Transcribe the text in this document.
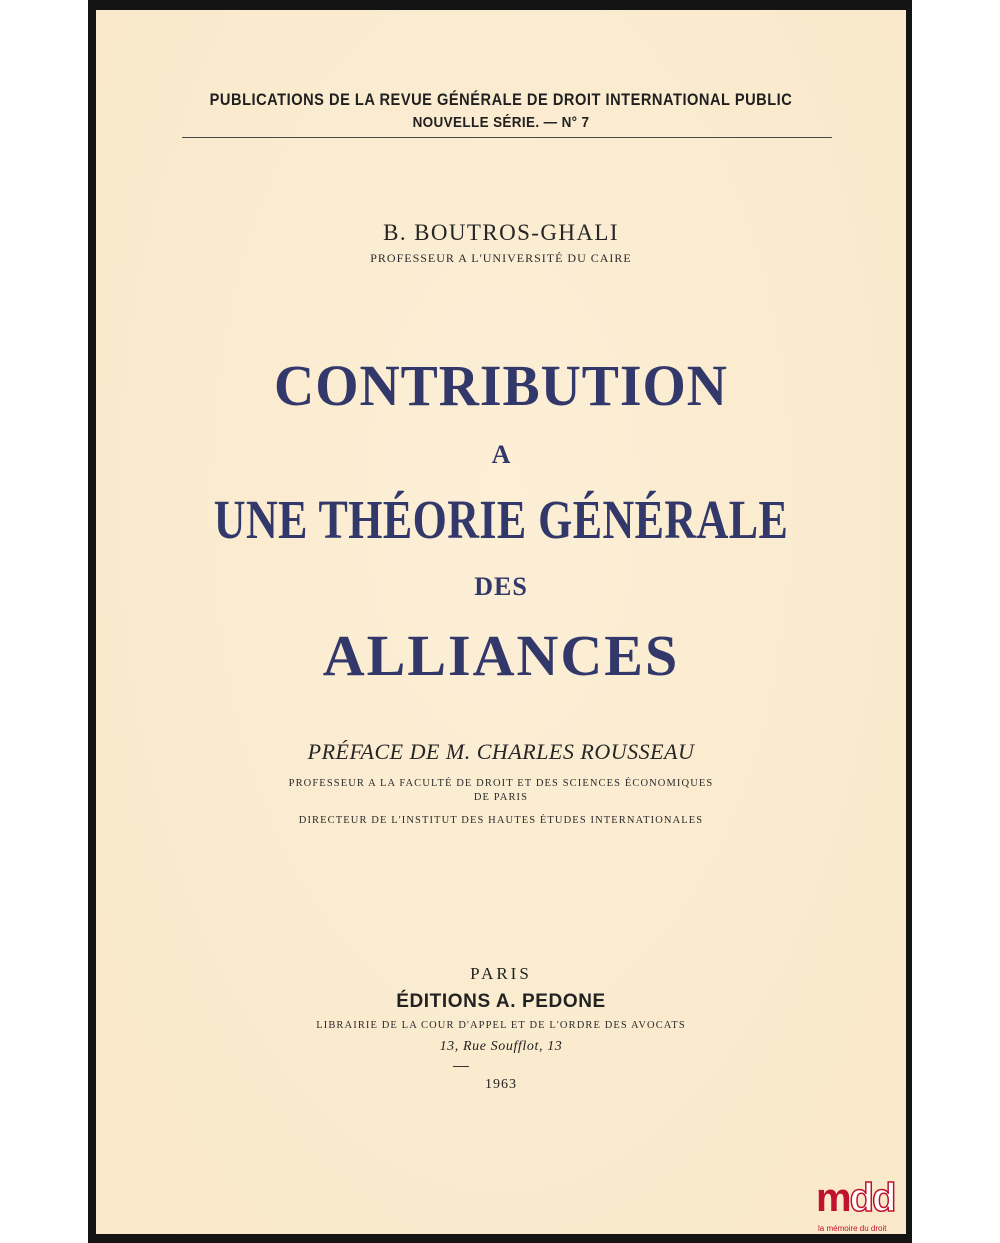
PUBLICATIONS DE LA REVUE GÉNÉRALE DE DROIT INTERNATIONAL PUBLIC
NOUVELLE SÉRIE. — N° 7
B. BOUTROS-GHALI
PROFESSEUR A L'UNIVERSITÉ DU CAIRE
CONTRIBUTION
A
UNE THÉORIE GÉNÉRALE
DES
ALLIANCES
PRÉFACE DE M. CHARLES ROUSSEAU
PROFESSEUR A LA FACULTÉ DE DROIT ET DES SCIENCES ÉCONOMIQUES
DE PARIS
DIRECTEUR DE L'INSTITUT DES HAUTES ÉTUDES INTERNATIONALES
PARIS
ÉDITIONS A. PEDONE
LIBRAIRIE DE LA COUR D'APPEL ET DE L'ORDRE DES AVOCATS
13, Rue Soufflot, 13
1963
mdd
la mémoire du droit
